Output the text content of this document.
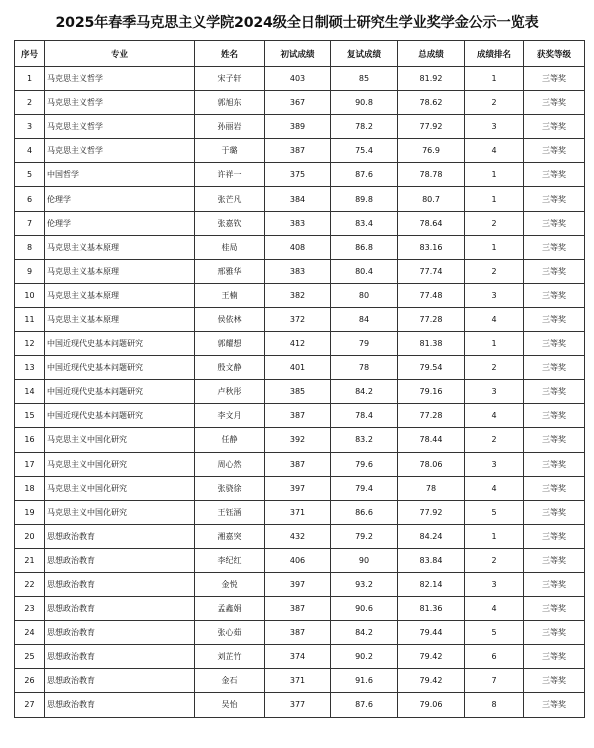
2025年春季马克思主义学院2024级全日制硕士研究生学业奖学金公示一览表
序号	专业	姓名	初试成绩	复试成绩	总成绩	成绩排名	获奖等级
1	马克思主义哲学	宋子轩	403	85	81.92	1	三等奖
2	马克思主义哲学	郭旭东	367	90.8	78.62	2	三等奖
3	马克思主义哲学	孙丽岩	389	78.2	77.92	3	三等奖
4	马克思主义哲学	于璐	387	75.4	76.9	4	三等奖
5	中国哲学	许祥一	375	87.6	78.78	1	三等奖
6	伦理学	张芒凡	384	89.8	80.7	1	三等奖
7	伦理学	张嘉钦	383	83.4	78.64	2	三等奖
8	马克思主义基本原理	桂局	408	86.8	83.16	1	三等奖
9	马克思主义基本原理	邢雅华	383	80.4	77.74	2	三等奖
10	马克思主义基本原理	王楠	382	80	77.48	3	三等奖
11	马克思主义基本原理	侯依林	372	84	77.28	4	三等奖
12	中国近现代史基本问题研究	郭耀想	412	79	81.38	1	三等奖
13	中国近现代史基本问题研究	殷文静	401	78	79.54	2	三等奖
14	中国近现代史基本问题研究	卢秋彤	385	84.2	79.16	3	三等奖
15	中国近现代史基本问题研究	李文月	387	78.4	77.28	4	三等奖
16	马克思主义中国化研究	任静	392	83.2	78.44	2	三等奖
17	马克思主义中国化研究	周心然	387	79.6	78.06	3	三等奖
18	马克思主义中国化研究	张骁徐	397	79.4	78	4	三等奖
19	马克思主义中国化研究	王钰涵	371	86.6	77.92	5	三等奖
20	思想政治教育	湘嘉突	432	79.2	84.24	1	三等奖
21	思想政治教育	李纪红	406	90	83.84	2	三等奖
22	思想政治教育	金悦	397	93.2	82.14	3	三等奖
23	思想政治教育	孟鑫娟	387	90.6	81.36	4	三等奖
24	思想政治教育	张心茹	387	84.2	79.44	5	三等奖
25	思想政治教育	刘芷竹	374	90.2	79.42	6	三等奖
26	思想政治教育	金石	371	91.6	79.42	7	三等奖
27	思想政治教育	吴怡	377	87.6	79.06	8	三等奖
